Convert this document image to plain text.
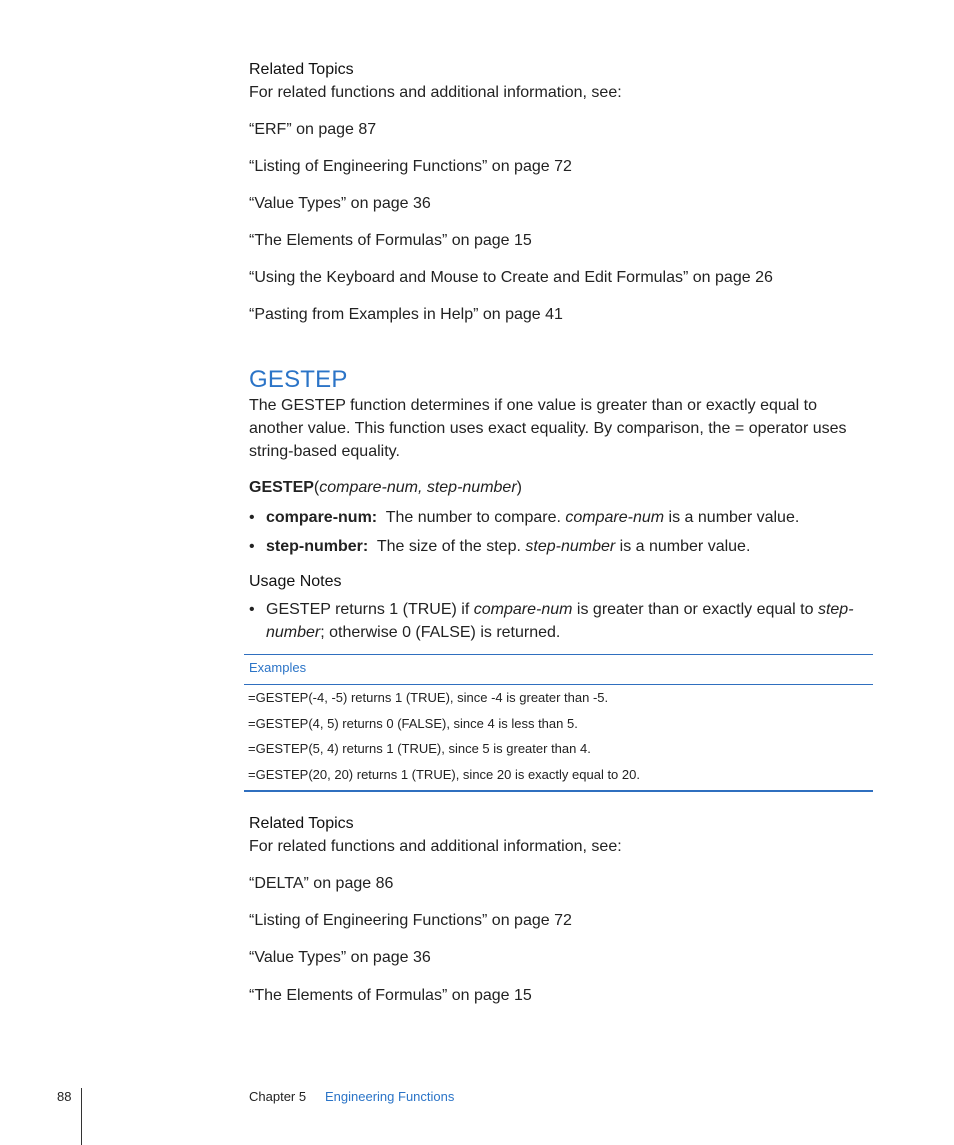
Related Topics
For related functions and additional information, see:
“ERF” on page 87
“Listing of Engineering Functions” on page 72
“Value Types” on page 36
“The Elements of Formulas” on page 15
“Using the Keyboard and Mouse to Create and Edit Formulas” on page 26
“Pasting from Examples in Help” on page 41
GESTEP
The GESTEP function determines if one value is greater than or exactly equal to another value. This function uses exact equality. By comparison, the = operator uses string-based equality.
GESTEP(compare-num, step-number)
• compare-num: The number to compare. compare-num is a number value.
• step-number: The size of the step. step-number is a number value.
Usage Notes
• GESTEP returns 1 (TRUE) if compare-num is greater than or exactly equal to step-
number; otherwise 0 (FALSE) is returned.
Examples
=GESTEP(-4, -5) returns 1 (TRUE), since -4 is greater than -5.
=GESTEP(4, 5) returns 0 (FALSE), since 4 is less than 5.
=GESTEP(5, 4) returns 1 (TRUE), since 5 is greater than 4.
=GESTEP(20, 20) returns 1 (TRUE), since 20 is exactly equal to 20.
Related Topics
For related functions and additional information, see:
“DELTA” on page 86
“Listing of Engineering Functions” on page 72
“Value Types” on page 36
“The Elements of Formulas” on page 15
88	Chapter 5 Engineering Functions
